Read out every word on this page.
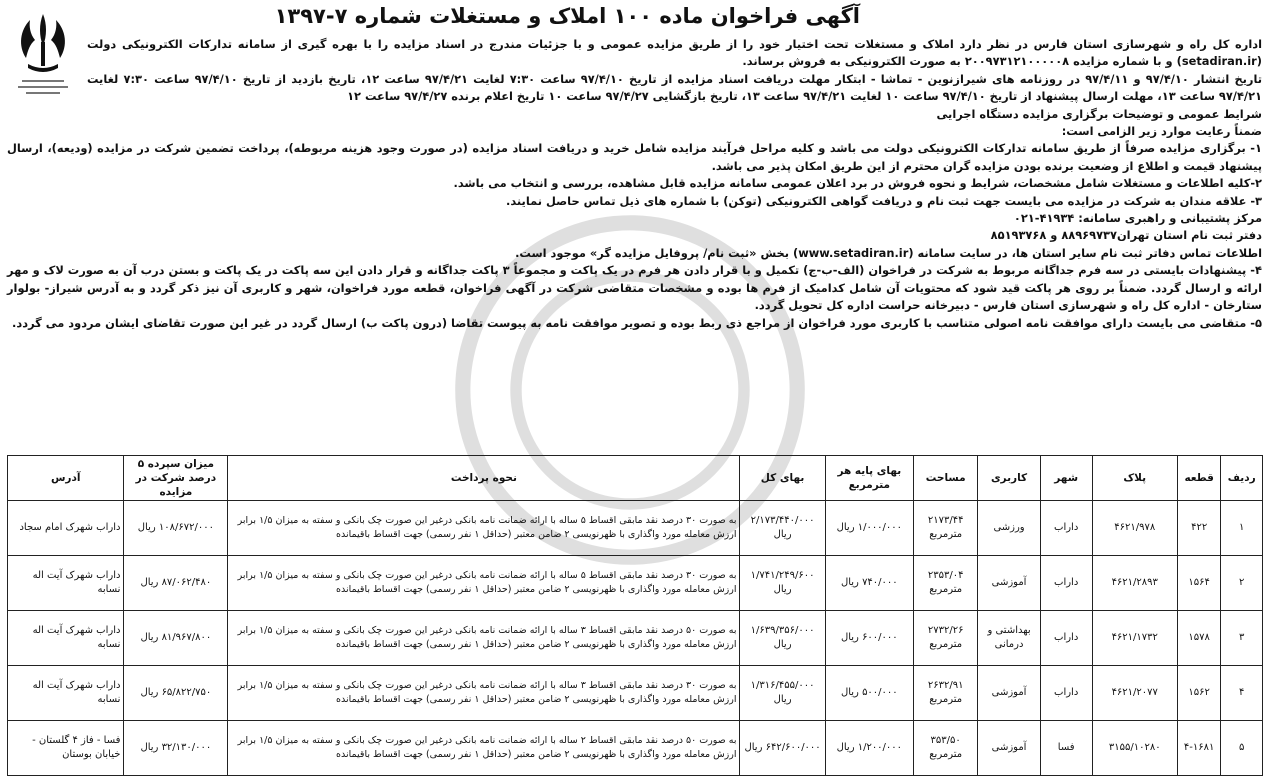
آگهی فراخوان ماده ۱۰۰ املاک و مستغلات شماره ۷-۱۳۹۷

اداره کل راه و شهرسازی استان فارس در نظر دارد املاک و مستغلات تحت اختیار خود را از طریق مزایده عمومی و با جزئیات مندرج در اسناد مزایده را با بهره گیری از سامانه تدارکات الکترونیکی دولت (setadiran.ir) و با شماره مزایده ۲۰۰۹۷۳۱۲۱۰۰۰۰۰۸ به صورت الکترونیکی به فروش برساند.

تاریخ انتشار ۹۷/۴/۱۰ و ۹۷/۴/۱۱ در روزنامه های شیرازنوین - تماشا - ابتکار مهلت دریافت اسناد مزایده از تاریخ ۹۷/۴/۱۰ ساعت ۷:۳۰ لغایت ۹۷/۴/۲۱ ساعت ۱۲، تاریخ بازدید از تاریخ ۹۷/۴/۱۰ ساعت ۷:۳۰ لغایت ۹۷/۴/۲۱ ساعت ۱۳، مهلت ارسال پیشنهاد از تاریخ ۹۷/۴/۱۰ ساعت ۱۰ لغایت ۹۷/۴/۲۱ ساعت ۱۳، تاریخ بازگشایی ۹۷/۴/۲۷ ساعت ۱۰ تاریخ اعلام برنده ۹۷/۴/۲۷ ساعت ۱۲

شرایط عمومی و توضیحات برگزاری مزایده دستگاه اجرایی

ضمناً رعایت موارد زیر الزامی است:

۱- برگزاری مزایده صرفاً از طریق سامانه تدارکات الکترونیکی دولت می باشد و کلیه مراحل فرآیند مزایده شامل خرید و دریافت اسناد مزایده (در صورت وجود هزینه مربوطه)، پرداخت تضمین شرکت در مزایده (ودیعه)، ارسال پیشنهاد قیمت و اطلاع از وضعیت برنده بودن مزایده گران محترم از این طریق امکان پذیر می باشد.

۲-کلیه اطلاعات و مستغلات شامل مشخصات، شرایط و نحوه فروش در برد اعلان عمومی سامانه مزایده قابل مشاهده، بررسی و انتخاب می باشد.

۳- علاقه مندان به شرکت در مزایده می بایست جهت ثبت نام و دریافت گواهی الکترونیکی (توکن) با شماره های ذیل تماس حاصل نمایند.

مرکز پشتیبانی و راهبری سامانه: ۴۱۹۳۴-۰۲۱

دفتر ثبت نام استان تهران۸۸۹۶۹۷۳۷ و ۸۵۱۹۳۷۶۸

اطلاعات تماس دفاتر ثبت نام سایر استان ها، در سایت سامانه (www.setadiran.ir) بخش «ثبت نام/ پروفایل مزایده گر» موجود است.

۴- پیشنهادات بایستی در سه فرم جداگانه مربوط به شرکت در فراخوان (الف-ب-ج) تکمیل و با قرار دادن هر فرم در یک پاکت و مجموعاً ۳ پاکت جداگانه و قرار دادن این سه پاکت در یک پاکت و بستن درب آن به صورت لاک و مهر ارائه و ارسال گردد. ضمناً بر روی هر پاکت قید شود که محتویات آن شامل کدامیک از فرم ها بوده و مشخصات متقاضی شرکت در آگهی فراخوان، قطعه مورد فراخوان، شهر و کاربری آن نیز ذکر گردد و به آدرس شیراز- بولوار ستارخان - اداره کل راه و شهرسازی استان فارس - دبیرخانه حراست اداره کل تحویل گردد.

۵- متقاضی می بایست دارای موافقت نامه اصولی متناسب با کاربری مورد فراخوان از مراجع ذی ربط بوده و تصویر موافقت نامه به پیوست تقاضا (درون پاکت ب) ارسال گردد در غیر این صورت تقاضای ایشان مردود می گردد.

ردیف	قطعه	پلاک	شهر	کاربری	مساحت	بهای پایه هر مترمربع	بهای کل	نحوه پرداخت	میزان سپرده ۵ درصد شرکت در مزایده	آدرس
۱	۴۲۲	۴۶۲۱/۹۷۸	داراب	ورزشی	۲۱۷۳/۴۴ مترمربع	۱/۰۰۰/۰۰۰ ریال	۲/۱۷۳/۴۴۰/۰۰۰ ریال	به صورت ۳۰ درصد نقد مابقی اقساط ۵ ساله با ارائه ضمانت نامه بانکی درغیر این صورت چک بانکی و سفته به میزان ۱/۵ برابر ارزش معامله مورد واگذاری با ظهرنویسی ۲ ضامن معتبر (حداقل ۱ نفر رسمی) جهت اقساط باقیمانده	۱۰۸/۶۷۲/۰۰۰ ریال	داراب شهرک امام سجاد
۲	۱۵۶۴	۴۶۲۱/۲۸۹۳	داراب	آموزشی	۲۳۵۳/۰۴ مترمربع	۷۴۰/۰۰۰ ریال	۱/۷۴۱/۲۴۹/۶۰۰ ریال	به صورت ۳۰ درصد نقد مابقی اقساط ۵ ساله با ارائه ضمانت نامه بانکی درغیر این صورت چک بانکی و سفته به میزان ۱/۵ برابر ارزش معامله مورد واگذاری با ظهرنویسی ۲ ضامن معتبر (حداقل ۱ نفر رسمی) جهت اقساط باقیمانده	۸۷/۰۶۲/۴۸۰ ریال	داراب شهرک آیت اله نسابه
۳	۱۵۷۸	۴۶۲۱/۱۷۳۲	داراب	بهداشتی و درمانی	۲۷۳۲/۲۶ مترمربع	۶۰۰/۰۰۰ ریال	۱/۶۳۹/۳۵۶/۰۰۰ ریال	به صورت ۵۰ درصد نقد مابقی اقساط ۳ ساله با ارائه ضمانت نامه بانکی درغیر این صورت چک بانکی و سفته به میزان ۱/۵ برابر ارزش معامله مورد واگذاری با ظهرنویسی ۲ ضامن معتبر (حداقل ۱ نفر رسمی) جهت اقساط باقیمانده	۸۱/۹۶۷/۸۰۰ ریال	داراب شهرک آیت اله نسابه
۴	۱۵۶۲	۴۶۲۱/۲۰۷۷	داراب	آموزشی	۲۶۳۲/۹۱ مترمربع	۵۰۰/۰۰۰ ریال	۱/۳۱۶/۴۵۵/۰۰۰ ریال	به صورت ۳۰ درصد نقد مابقی اقساط ۳ ساله با ارائه ضمانت نامه بانکی درغیر این صورت چک بانکی و سفته به میزان ۱/۵ برابر ارزش معامله مورد واگذاری با ظهرنویسی ۲ ضامن معتبر (حداقل ۱ نفر رسمی) جهت اقساط باقیمانده	۶۵/۸۲۲/۷۵۰ ریال	داراب شهرک آیت اله نسابه
۵	۴-۱۶۸۱	۳۱۵۵/۱۰۲۸۰	فسا	آموزشی	۳۵۳/۵۰ مترمربع	۱/۲۰۰/۰۰۰ ریال	۶۴۲/۶۰۰/۰۰۰ ریال	به صورت ۵۰ درصد نقد مابقی اقساط ۲ ساله با ارائه ضمانت نامه بانکی درغیر این صورت چک بانکی و سفته به میزان ۱/۵ برابر ارزش معامله مورد واگذاری با ظهرنویسی ۲ ضامن معتبر (حداقل ۱ نفر رسمی) جهت اقساط باقیمانده	۳۲/۱۳۰/۰۰۰ ریال	فسا - فاز ۴ گلستان - خیابان بوستان
